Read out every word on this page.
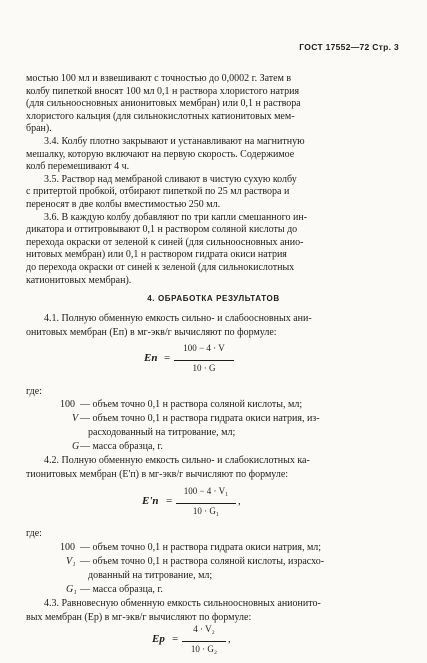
ГОСТ 17552—72 Стр. 3
мостью 100 мл и взвешивают с точностью до 0,0002 г. Затем в
колбу пипеткой вносят 100 мл 0,1 н раствора хлористого натрия
(для сильноосновных анионитовых мембран) или 0,1 н раствора
хлористого кальция (для сильнокислотных катионитовых мем-
бран).
3.4. Колбу плотно закрывают и устанавливают на магнитную
мешалку, которую включают на первую скорость. Содержимое
колб перемешивают 4 ч.
3.5. Раствор над мембраной сливают в чистую сухую колбу
с притертой пробкой, отбирают пипеткой по 25 мл раствора и
переносят в две колбы вместимостью 250 мл.
3.6. В каждую колбу добавляют по три капли смешанного ин-
дикатора и оттитровывают 0,1 н раствором соляной кислоты до
перехода окраски от зеленой к синей (для сильноосновных анио-
нитовых мембран) или 0,1 н раствором гидрата окиси натрия
до перехода окраски от синей к зеленой (для сильнокислотных
катионитовых мембран).
4. ОБРАБОТКА РЕЗУЛЬТАТОВ
4.1. Полную обменную емкость сильно- и слабоосновных ани-
онитовых мембран (Еп) в мг-экв/г вычисляют по формуле:
Еп =
100 − 4 · V
10 · G
где:
100 — объем точно 0,1 н раствора соляной кислоты, мл;
V — объем точно 0,1 н раствора гидрата окиси натрия, из-
расходованный на титрование, мл;
G — масса образца, г.
4.2. Полную обменную емкость сильно- и слабокислотных ка-
тионитовых мембран (Е'п) в мг-экв/г вычисляют по формуле:
Е'п =
100 − 4 · V₁
10 · G₁
,
где:
100 — объем точно 0,1 н раствора гидрата окиси натрия, мл;
V₁ — объем точно 0,1 н раствора соляной кислоты, израсхо-
дованный на титрование, мл;
G₁ — масса образца, г.
4.3. Равновесную обменную емкость сильноосновных анионито-
вых мембран (Ер) в мг-экв/г вычисляют по формуле:
Ер =
4 · V₂
10 · G₂
,
